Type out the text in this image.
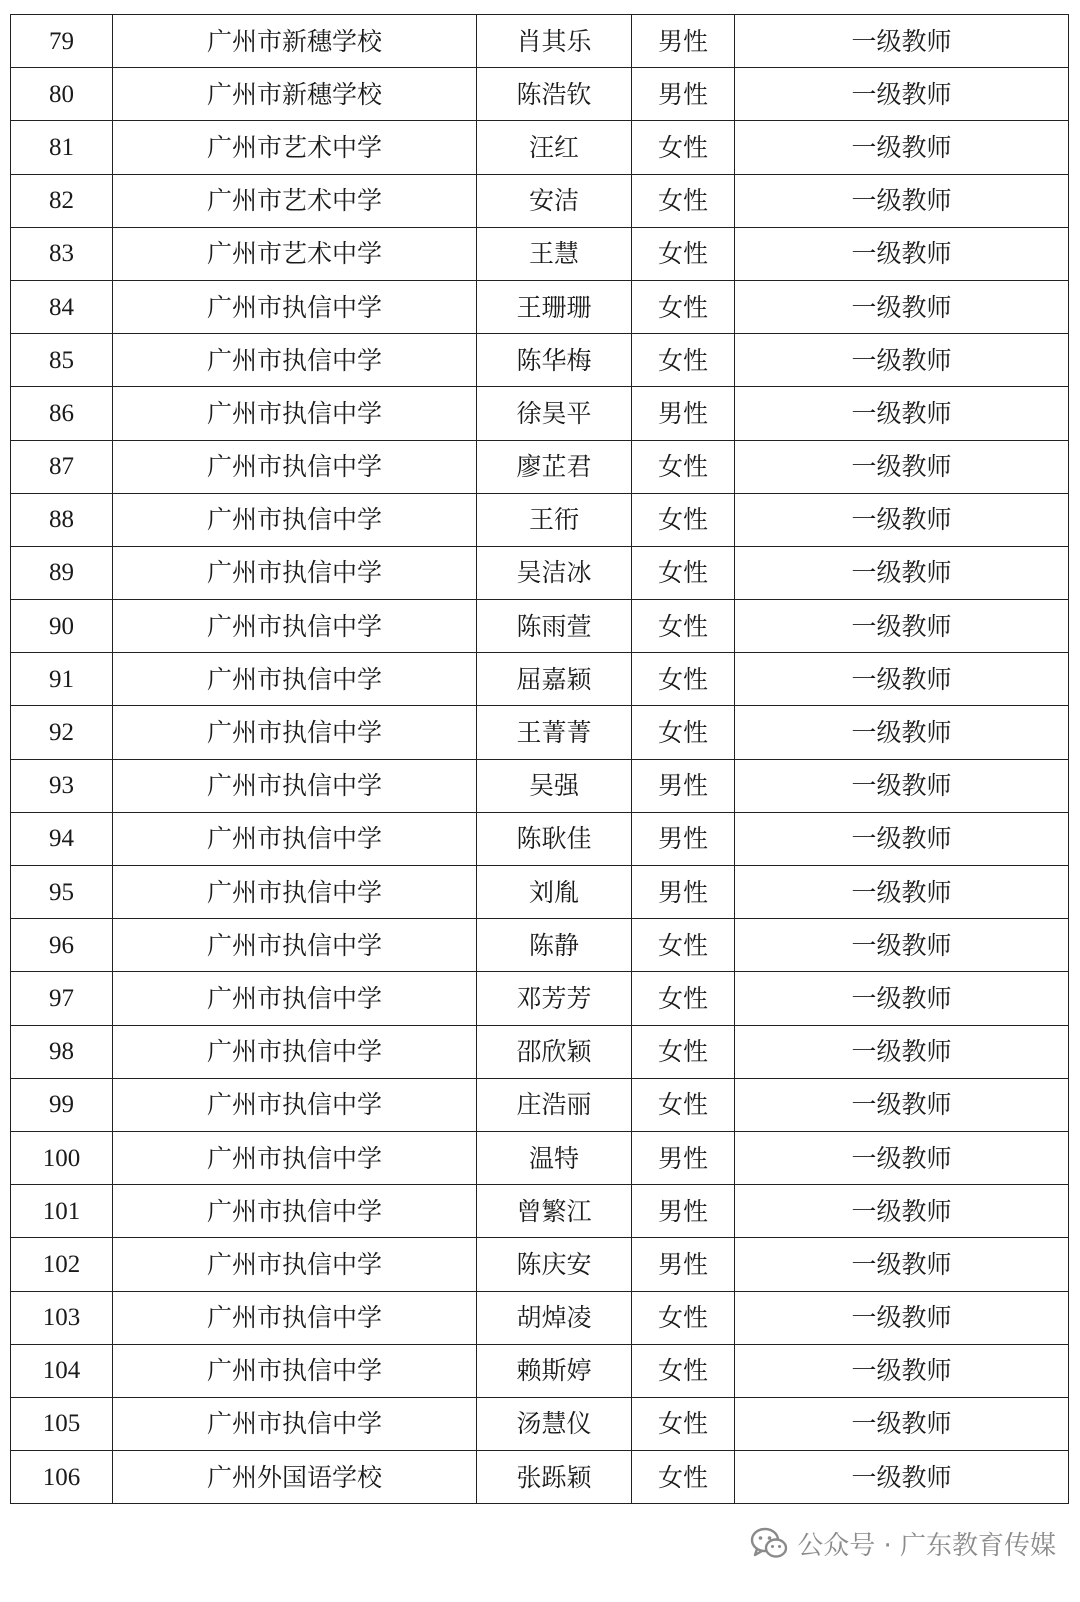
79	广州市新穗学校	肖其乐	男性	一级教师
80	广州市新穗学校	陈浩钦	男性	一级教师
81	广州市艺术中学	汪红	女性	一级教师
82	广州市艺术中学	安洁	女性	一级教师
83	广州市艺术中学	王慧	女性	一级教师
84	广州市执信中学	王珊珊	女性	一级教师
85	广州市执信中学	陈华梅	女性	一级教师
86	广州市执信中学	徐昊平	男性	一级教师
87	广州市执信中学	廖芷君	女性	一级教师
88	广州市执信中学	王衎	女性	一级教师
89	广州市执信中学	吴洁冰	女性	一级教师
90	广州市执信中学	陈雨萱	女性	一级教师
91	广州市执信中学	屈嘉颖	女性	一级教师
92	广州市执信中学	王菁菁	女性	一级教师
93	广州市执信中学	吴强	男性	一级教师
94	广州市执信中学	陈耿佳	男性	一级教师
95	广州市执信中学	刘胤	男性	一级教师
96	广州市执信中学	陈静	女性	一级教师
97	广州市执信中学	邓芳芳	女性	一级教师
98	广州市执信中学	邵欣颖	女性	一级教师
99	广州市执信中学	庄浩丽	女性	一级教师
100	广州市执信中学	温特	男性	一级教师
101	广州市执信中学	曾繁江	男性	一级教师
102	广州市执信中学	陈庆安	男性	一级教师
103	广州市执信中学	胡焯凌	女性	一级教师
104	广州市执信中学	赖斯婷	女性	一级教师
105	广州市执信中学	汤慧仪	女性	一级教师
106	广州外国语学校	张跞颖	女性	一级教师
公众号 · 广东教育传媒
